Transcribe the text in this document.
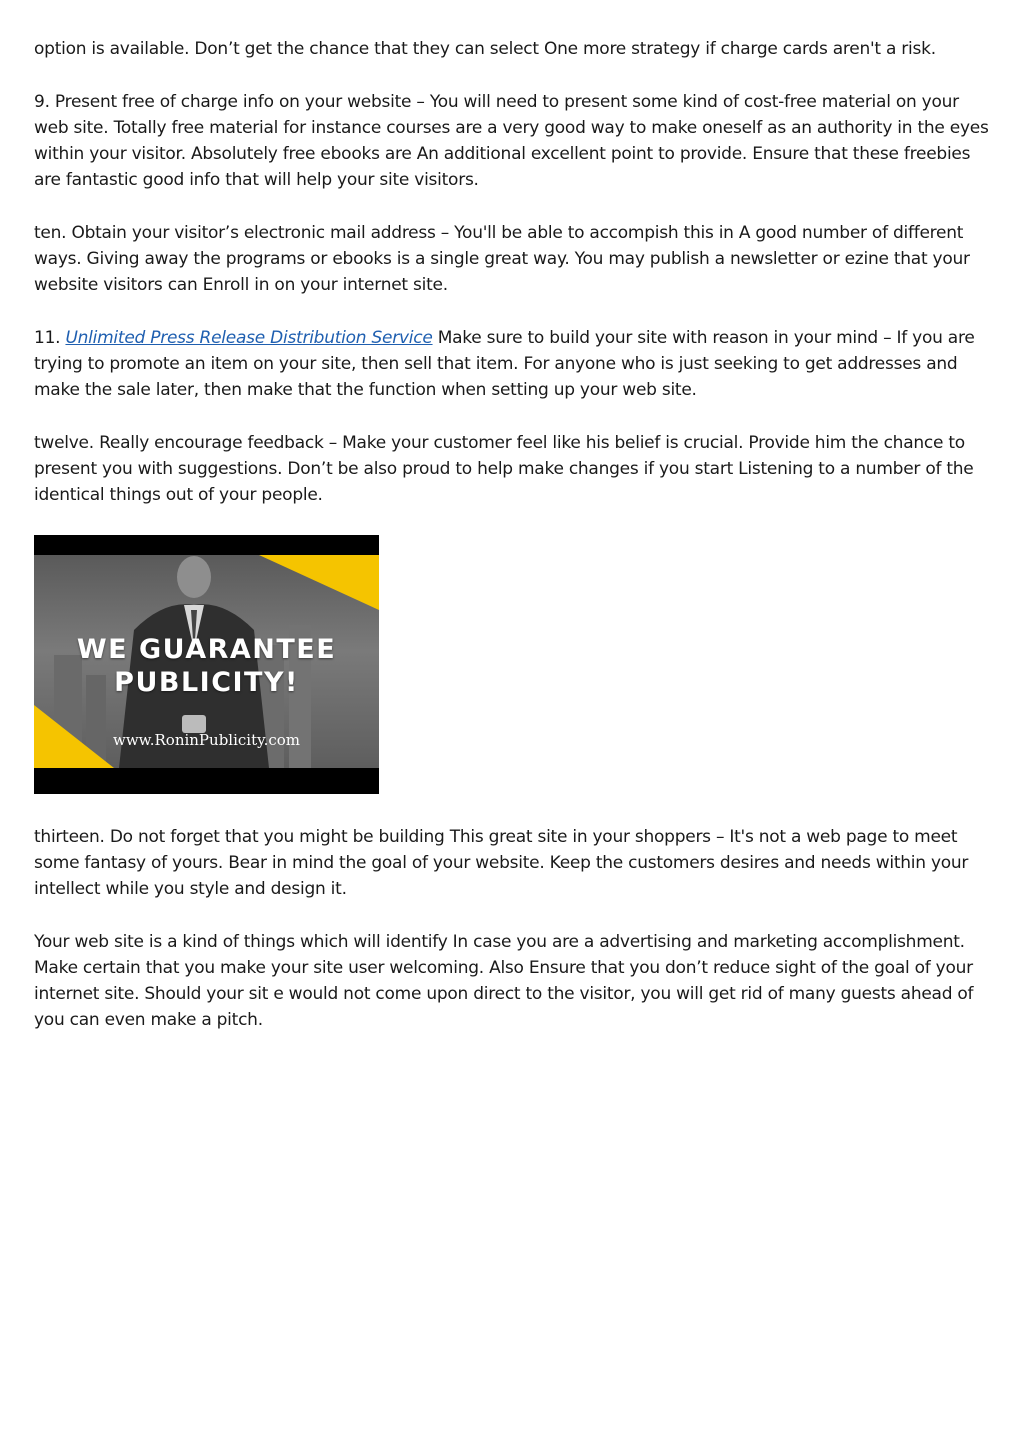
option is available. Don’t get the chance that they can select One more strategy if charge cards aren't a risk.

9. Present free of charge info on your website – You will need to present some kind of cost-free material on your web site. Totally free material for instance courses are a very good way to make oneself as an authority in the eyes within your visitor. Absolutely free ebooks are An additional excellent point to provide. Ensure that these freebies are fantastic good info that will help your site visitors.

ten. Obtain your visitor’s electronic mail address – You'll be able to accompish this in A good number of different ways. Giving away the programs or ebooks is a single great way. You may publish a newsletter or ezine that your website visitors can Enroll in on your internet site.

11. Unlimited Press Release Distribution Service Make sure to build your site with reason in your mind – If you are trying to promote an item on your site, then sell that item. For anyone who is just seeking to get addresses and make the sale later, then make that the function when setting up your web site.

twelve. Really encourage feedback – Make your customer feel like his belief is crucial. Provide him the chance to present you with suggestions. Don’t be also proud to help make changes if you start Listening to a number of the identical things out of your people.

WE GUARANTEE
PUBLICITY!
www.RoninPublicity.com

thirteen. Do not forget that you might be building This great site in your shoppers – It's not a web page to meet some fantasy of yours. Bear in mind the goal of your website. Keep the customers desires and needs within your intellect while you style and design it.

Your web site is a kind of things which will identify In case you are a advertising and marketing accomplishment. Make certain that you make your site user welcoming. Also Ensure that you don’t reduce sight of the goal of your internet site. Should your sit e would not come upon direct to the visitor, you will get rid of many guests ahead of you can even make a pitch.
